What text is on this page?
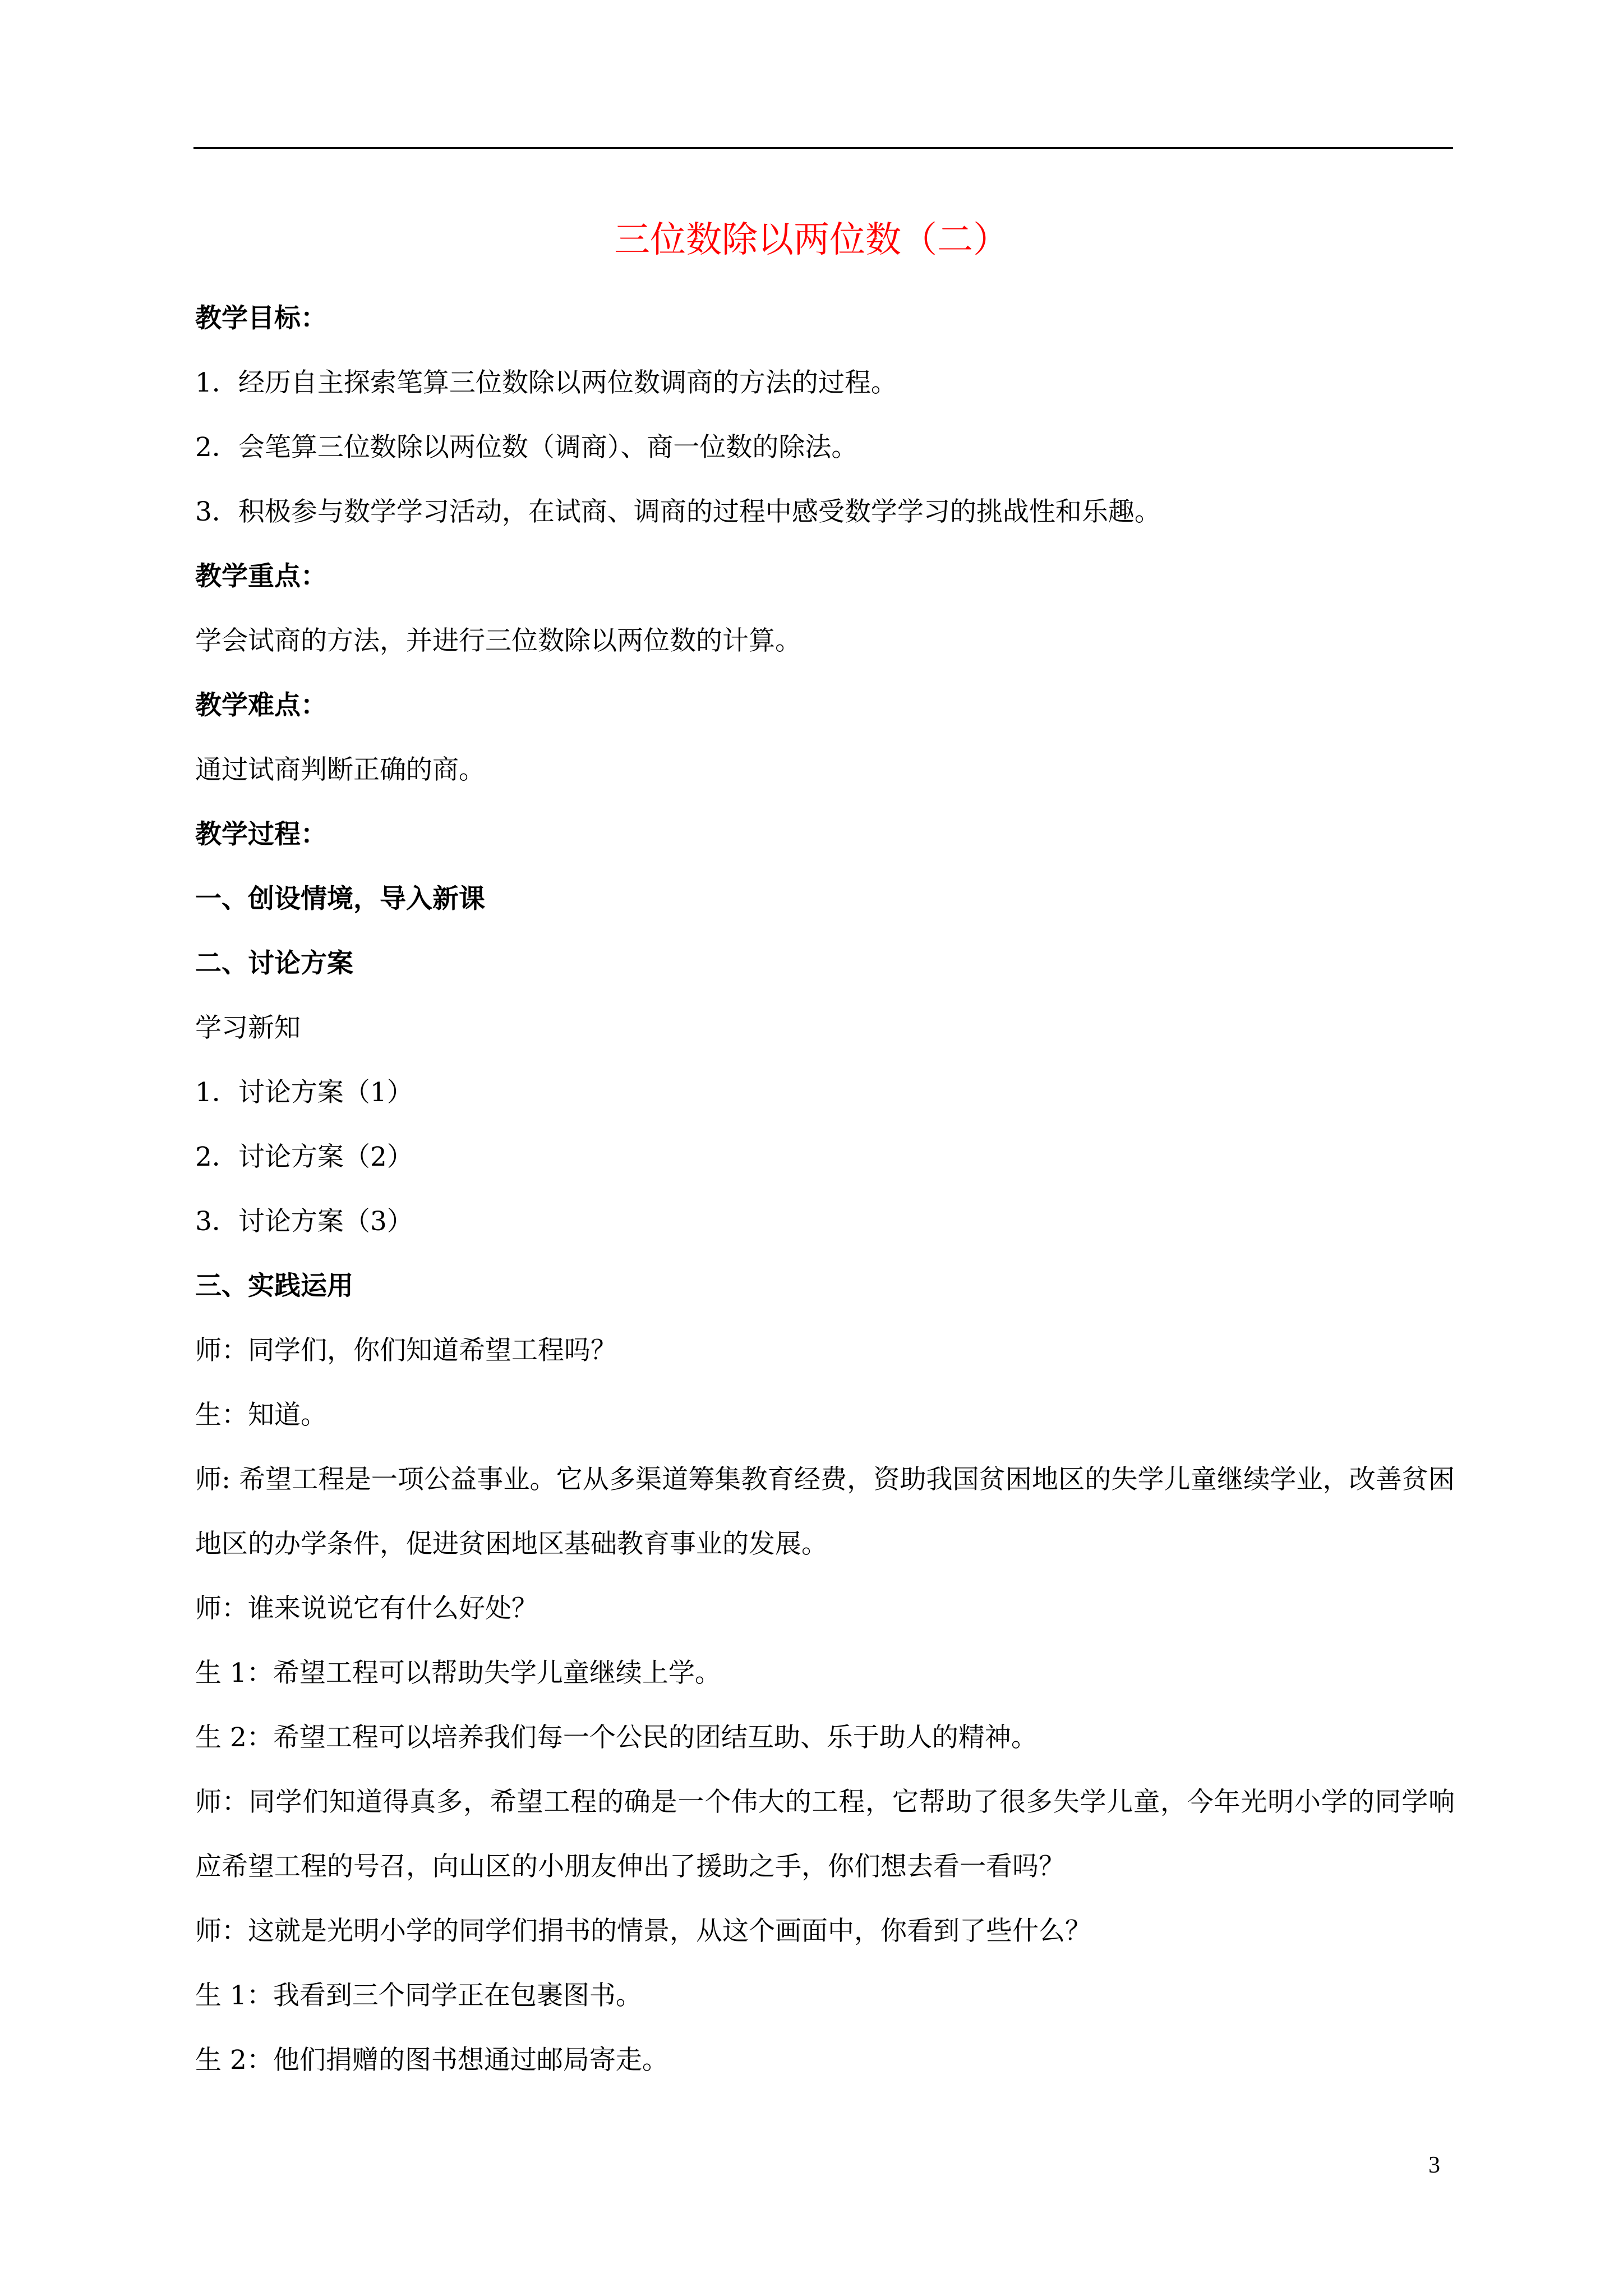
三位数除以两位数（二）
教学目标：
1．经历自主探索笔算三位数除以两位数调商的方法的过程。
2．会笔算三位数除以两位数（调商）、商一位数的除法。
3．积极参与数学学习活动，在试商、调商的过程中感受数学学习的挑战性和乐趣。
教学重点：
学会试商的方法，并进行三位数除以两位数的计算。
教学难点：
通过试商判断正确的商。
教学过程：
一、创设情境，导入新课
二、讨论方案
学习新知
1．讨论方案（1）
2．讨论方案（2）
3．讨论方案（3）
三、实践运用
师：同学们，你们知道希望工程吗？
生：知道。
师: 希望工程是一项公益事业。它从多渠道筹集教育经费，资助我国贫困地区的失学儿童继续学业，改善贫困地区的办学条件，促进贫困地区基础教育事业的发展。
师：谁来说说它有什么好处？
生 1：希望工程可以帮助失学儿童继续上学。
生 2：希望工程可以培养我们每一个公民的团结互助、乐于助人的精神。
师：同学们知道得真多，希望工程的确是一个伟大的工程，它帮助了很多失学儿童，今年光明小学的同学响应希望工程的号召，向山区的小朋友伸出了援助之手，你们想去看一看吗？
师：这就是光明小学的同学们捐书的情景，从这个画面中，你看到了些什么？
生 1：我看到三个同学正在包裹图书。
生 2：他们捐赠的图书想通过邮局寄走。
3
